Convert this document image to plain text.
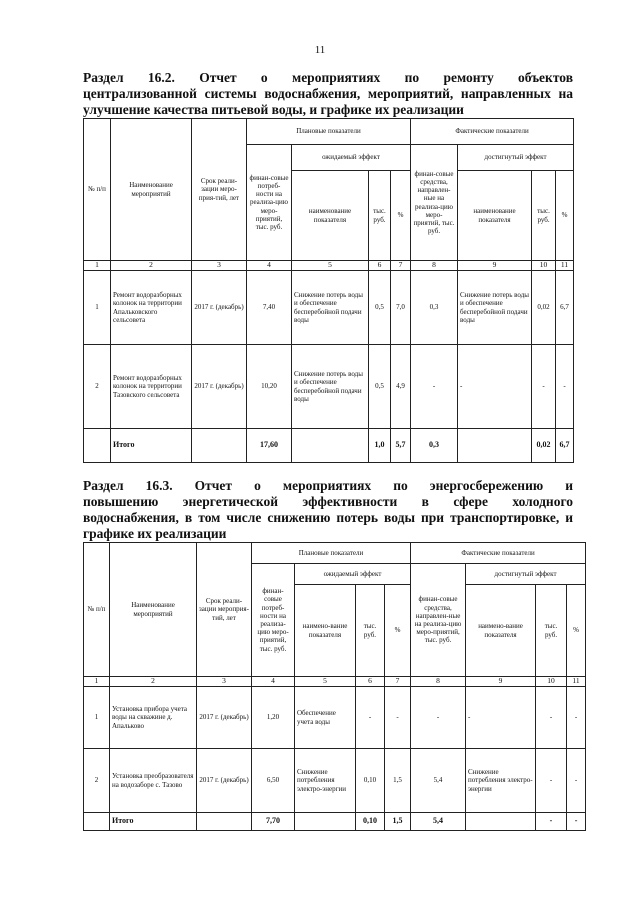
11
Раздел 16.2. Отчет о мероприятиях по ремонту объектов
централизованной системы водоснабжения, мероприятий, направленных на
улучшение качества питьевой воды, и графике их реализации
№ п/п	Наименование мероприятий	Срок реали-зации меро-прия-тий, лет	Плановые показатели				Фактические показатели			
			финан-совые потреб-ности на реализа-цию меро-приятий, тыс. руб.	ожидаемый эффект			финан-совые средства, направлен-ные на реализа-цию меро-приятий, тыс. руб.	достигнутый эффект		
				наименование показателя	тыс. руб.	%		наименование показателя	тыс. руб.	%
1	2	3	4	5	6	7	8	9	10	11
1	Ремонт водоразборных колонок на территории Апальковского сельсовета	2017 г. (декабрь)	7,40	Снижение потерь воды и обеспечение бесперебойной подачи воды	0,5	7,0	0,3	Снижение потерь воды и обеспечение бесперебойной подачи воды	0,02	6,7
2	Ремонт водоразборных колонок на территории Тазовского сельсовета	2017 г. (декабрь)	10,20	Снижение потерь воды и обеспечение бесперебойной подачи воды	0,5	4,9	-	-	-	-
	Итого		17,60		1,0	5,7	0,3		0,02	6,7
Раздел 16.3. Отчет о мероприятиях по энергосбережению и
повышению энергетической эффективности в сфере холодного
водоснабжения, в том числе снижению потерь воды при транспортировке, и
графике их реализации
№ п/п	Наименование мероприятий	Срок реали-зации мероприя-тий, лет	Плановые показатели				Фактические показатели			
			финан-совые потреб-ности на реализа-цию меро-приятий, тыс. руб.	ожидаемый эффект			финан-совые средства, направлен-ные на реализа-цию меро-приятий, тыс. руб.	достигнутый эффект		
				наимено-вание показателя	тыс. руб.	%		наимено-вание показателя	тыс. руб.	%
1	2	3	4	5	6	7	8	9	10	11
1	Установка прибора учета воды на скважине д. Апальково	2017 г. (декабрь)	1,20	Обеспечение учета воды	-	-	-	-	-	-
2	Установка преобразователя на водозаборе с. Тазово	2017 г. (декабрь)	6,50	Снижение потребления электро-энергии	0,10	1,5	5,4	Снижение потребления электро-энергии	-	-
	Итого		7,70		0,10	1,5	5,4		-	-
